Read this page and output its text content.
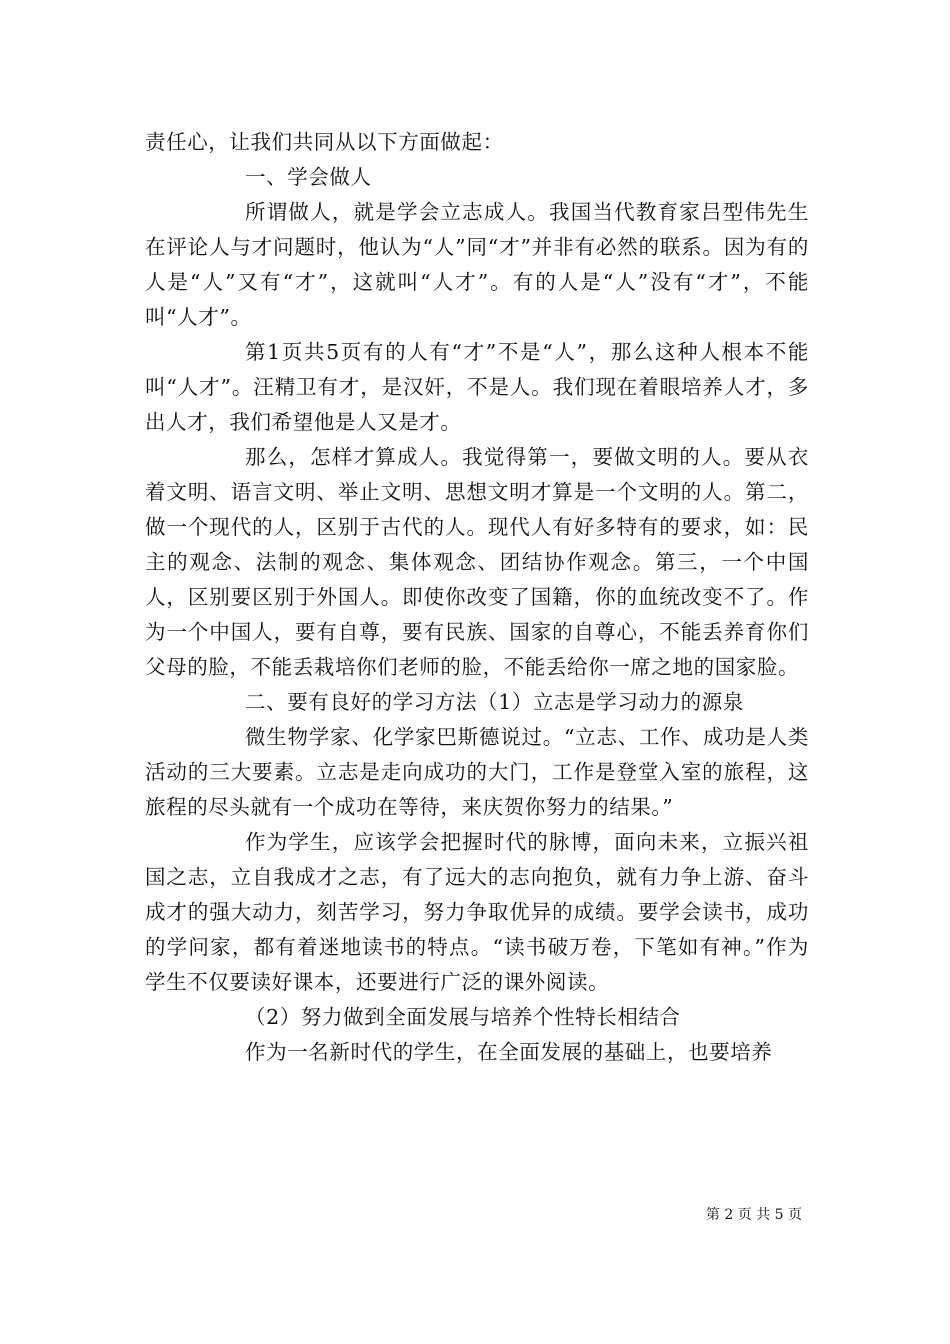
责任心，让我们共同从以下方面做起：

一、学会做人

所谓做人，就是学会立志成人。我国当代教育家吕型伟先生在评论人与才问题时，他认为“人”同“才”并非有必然的联系。因为有的人是“人”又有“才”，这就叫“人才”。有的人是“人”没有“才”，不能叫“人才”。

第1页共5页有的人有“才”不是“人”，那么这种人根本不能叫“人才”。汪精卫有才，是汉奸，不是人。我们现在着眼培养人才，多出人才，我们希望他是人又是才。

那么，怎样才算成人。我觉得第一，要做文明的人。要从衣着文明、语言文明、举止文明、思想文明才算是一个文明的人。第二，做一个现代的人，区别于古代的人。现代人有好多特有的要求，如：民主的观念、法制的观念、集体观念、团结协作观念。第三，一个中国人，区别要区别于外国人。即使你改变了国籍，你的血统改变不了。作为一个中国人，要有自尊，要有民族、国家的自尊心，不能丢养育你们父母的脸，不能丢栽培你们老师的脸，不能丢给你一席之地的国家脸。

二、要有良好的学习方法（1）立志是学习动力的源泉

微生物学家、化学家巴斯德说过。“立志、工作、成功是人类活动的三大要素。立志是走向成功的大门，工作是登堂入室的旅程，这旅程的尽头就有一个成功在等待，来庆贺你努力的结果。”

作为学生，应该学会把握时代的脉博，面向未来，立振兴祖国之志，立自我成才之志，有了远大的志向抱负，就有力争上游、奋斗成才的强大动力，刻苦学习，努力争取优异的成绩。要学会读书，成功的学问家，都有着迷地读书的特点。“读书破万卷，下笔如有神。”作为学生不仅要读好课本，还要进行广泛的课外阅读。

（2）努力做到全面发展与培养个性特长相结合

作为一名新时代的学生，在全面发展的基础上，也要培养

第 2 页 共 5 页
